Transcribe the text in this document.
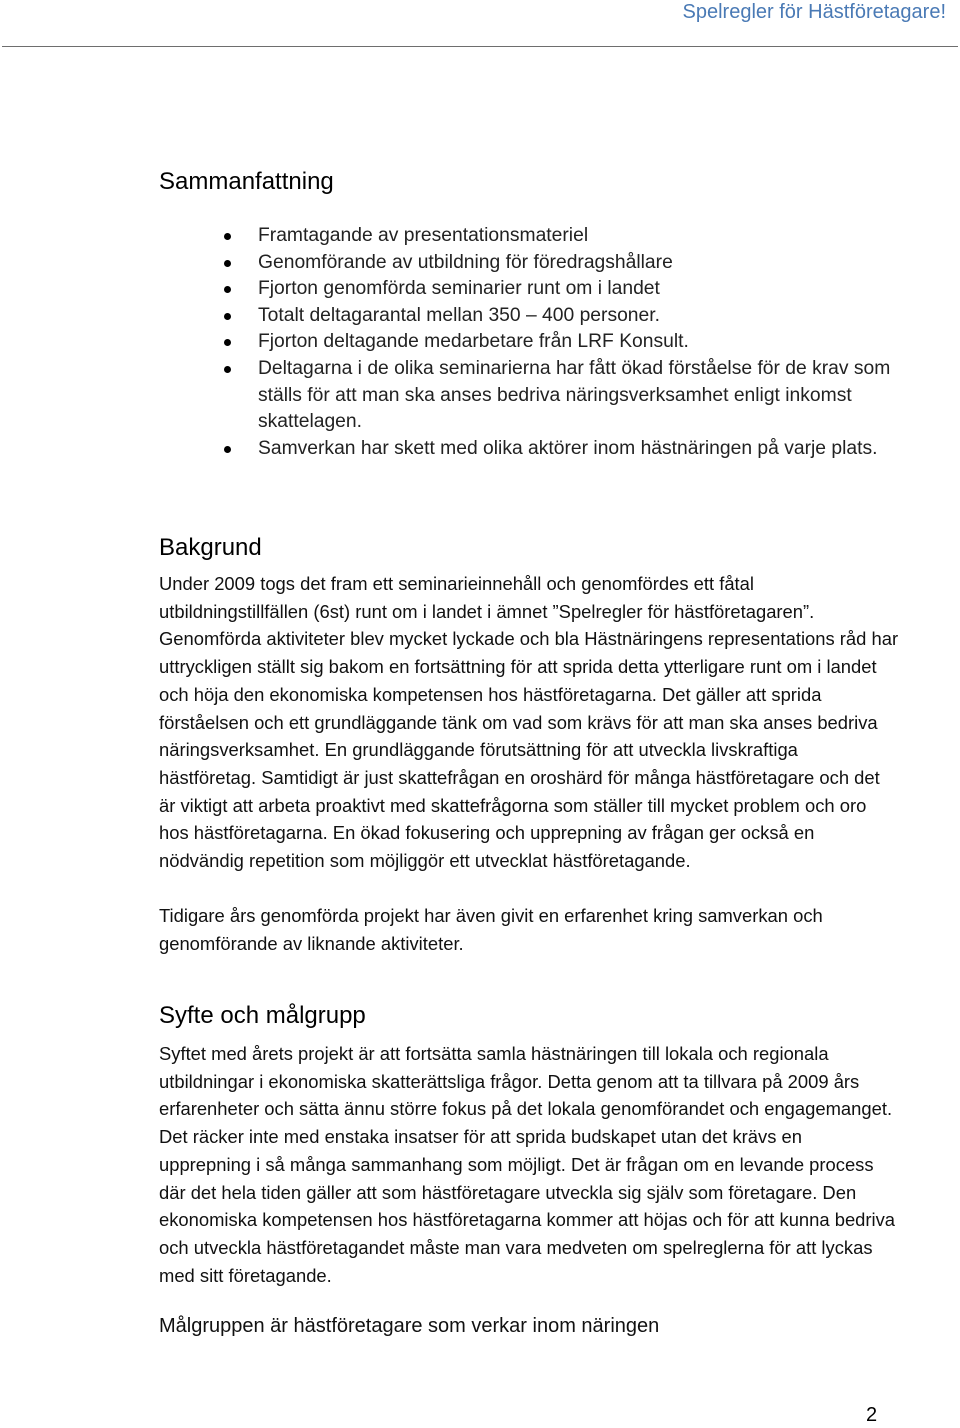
Spelregler för Hästföretagare!
Sammanfattning
Framtagande av presentationsmateriel
Genomförande av utbildning för föredragshållare
Fjorton genomförda seminarier runt om i landet
Totalt deltagarantal mellan 350 – 400 personer.
Fjorton deltagande medarbetare från LRF Konsult.
Deltagarna i de olika seminarierna har fått ökad förståelse för de krav som ställs för att man ska anses bedriva näringsverksamhet enligt inkomst skattelagen.
Samverkan har skett med olika aktörer inom hästnäringen på varje plats.
Bakgrund

Under 2009 togs det fram ett seminarieinnehåll och genomfördes ett fåtal utbildningstillfällen (6st) runt om i landet i ämnet ”Spelregler för hästföretagaren”. Genomförda aktiviteter blev mycket lyckade och bla Hästnäringens representations råd har uttryckligen ställt sig bakom en fortsättning för att sprida detta ytterligare runt om i landet och höja den ekonomiska kompetensen hos hästföretagarna. Det gäller att sprida förståelsen och ett grundläggande tänk om vad som krävs för att man ska anses bedriva näringsverksamhet. En grundläggande förutsättning för att utveckla livskraftiga hästföretag. Samtidigt är just skattefrågan en oroshärd för många hästföretagare och det är viktigt att arbeta proaktivt med skattefrågorna som ställer till mycket problem och oro hos hästföretagarna. En ökad fokusering och upprepning av frågan ger också en nödvändig repetition som möjliggör ett utvecklat hästföretagande.

Tidigare års genomförda projekt har även givit en erfarenhet kring samverkan och genomförande av liknande aktiviteter.

Syfte och målgrupp

Syftet med årets projekt är att fortsätta samla hästnäringen till lokala och regionala utbildningar i ekonomiska skatterättsliga frågor. Detta genom att ta tillvara på 2009 års erfarenheter och sätta ännu större fokus på det lokala genomförandet och engagemanget. Det räcker inte med enstaka insatser för att sprida budskapet utan det krävs en upprepning i så många sammanhang som möjligt. Det är frågan om en levande process där det hela tiden gäller att som hästföretagare utveckla sig själv som företagare. Den ekonomiska kompetensen hos hästföretagarna kommer att höjas och för att kunna bedriva och utveckla hästföretagandet måste man vara medveten om spelreglerna för att lyckas med sitt företagande.

Målgruppen är hästföretagare som verkar inom näringen

2
